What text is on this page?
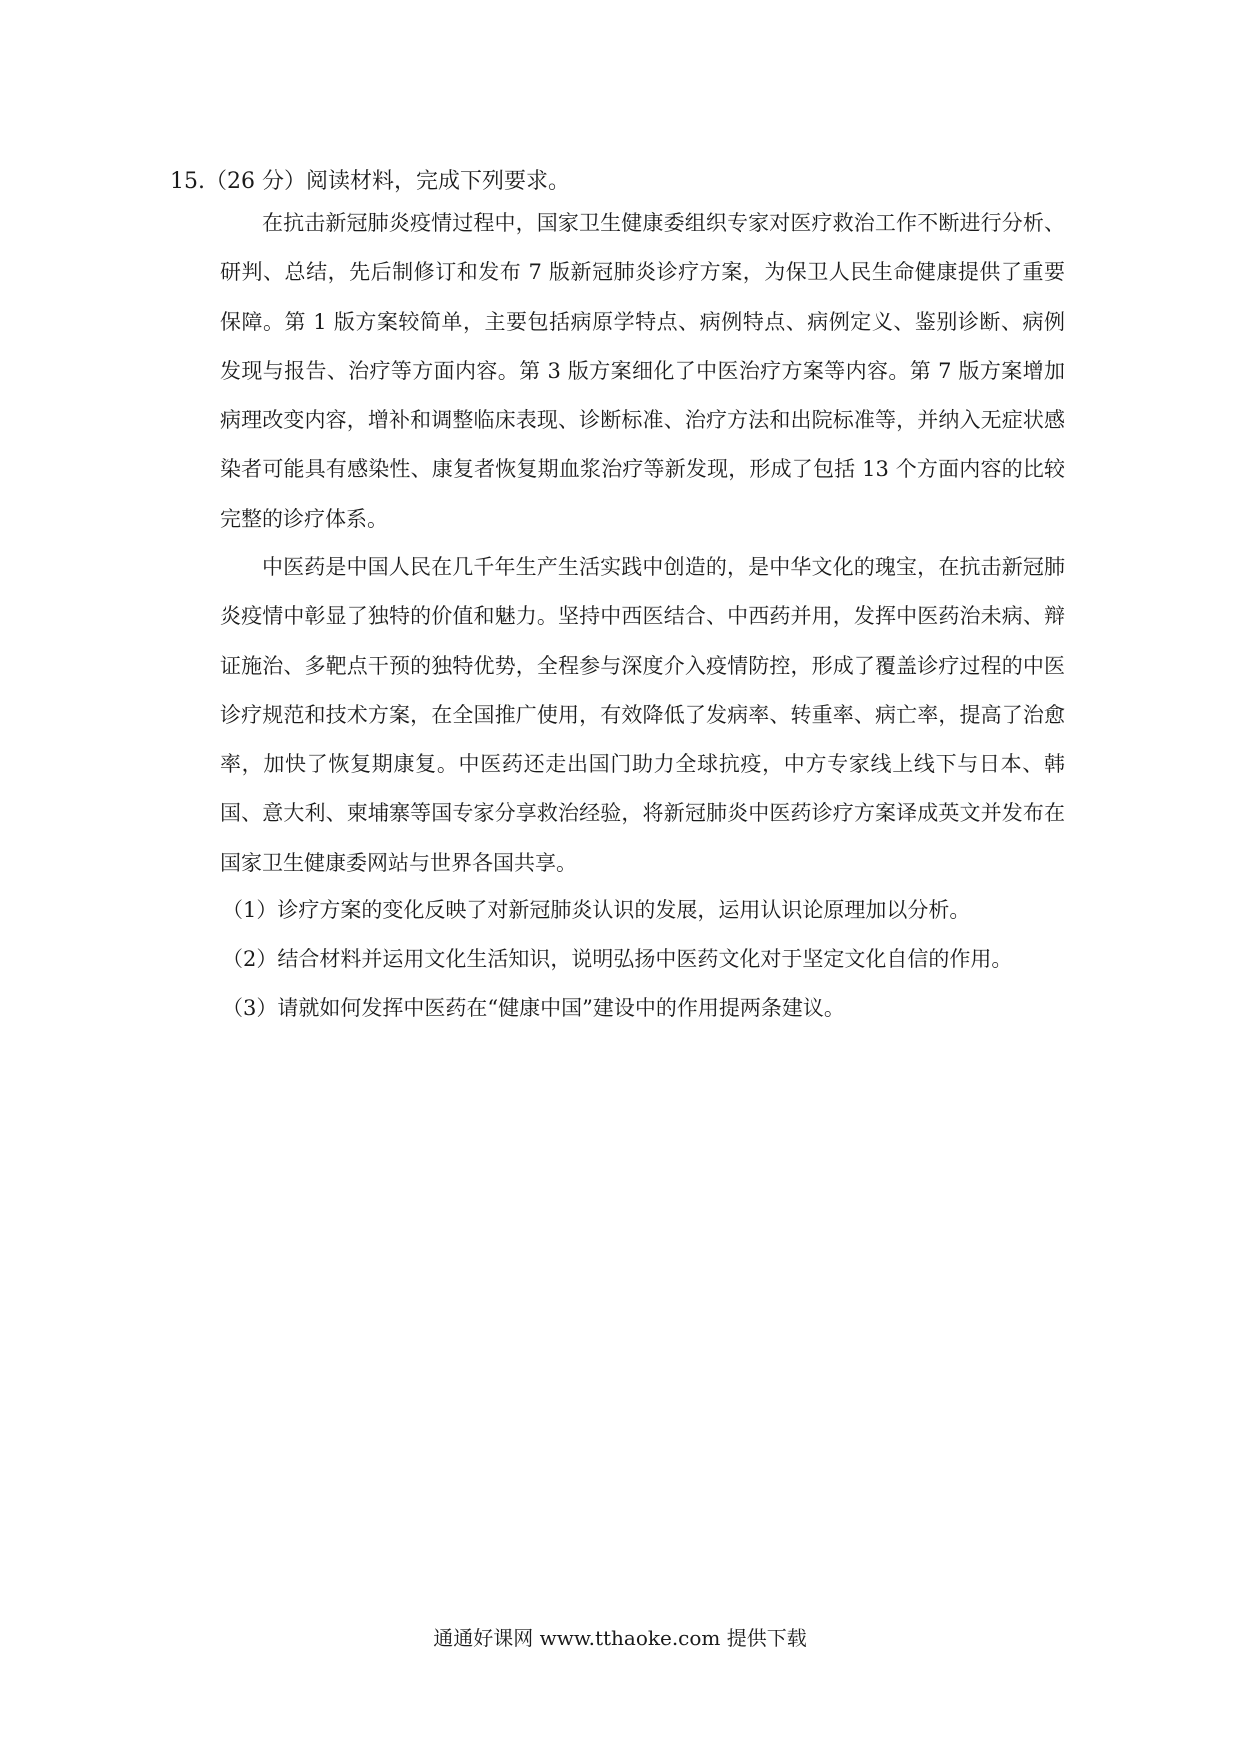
15.（26 分）阅读材料，完成下列要求。

在抗击新冠肺炎疫情过程中，国家卫生健康委组织专家对医疗救治工作不断进行分析、研判、总结，先后制修订和发布 7 版新冠肺炎诊疗方案，为保卫人民生命健康提供了重要保障。第 1 版方案较简单，主要包括病原学特点、病例特点、病例定义、鉴别诊断、病例发现与报告、治疗等方面内容。第 3 版方案细化了中医治疗方案等内容。第 7 版方案增加病理改变内容，增补和调整临床表现、诊断标准、治疗方法和出院标准等，并纳入无症状感染者可能具有感染性、康复者恢复期血浆治疗等新发现，形成了包括 13 个方面内容的比较完整的诊疗体系。

中医药是中国人民在几千年生产生活实践中创造的，是中华文化的瑰宝，在抗击新冠肺炎疫情中彰显了独特的价值和魅力。坚持中西医结合、中西药并用，发挥中医药治未病、辩证施治、多靶点干预的独特优势，全程参与深度介入疫情防控，形成了覆盖诊疗过程的中医诊疗规范和技术方案，在全国推广使用，有效降低了发病率、转重率、病亡率，提高了治愈率，加快了恢复期康复。中医药还走出国门助力全球抗疫，中方专家线上线下与日本、韩国、意大利、柬埔寨等国专家分享救治经验，将新冠肺炎中医药诊疗方案译成英文并发布在国家卫生健康委网站与世界各国共享。

（1）诊疗方案的变化反映了对新冠肺炎认识的发展，运用认识论原理加以分析。
（2）结合材料并运用文化生活知识，说明弘扬中医药文化对于坚定文化自信的作用。
（3）请就如何发挥中医药在“健康中国”建设中的作用提两条建议。
通通好课网 www.tthaoke.com 提供下载
